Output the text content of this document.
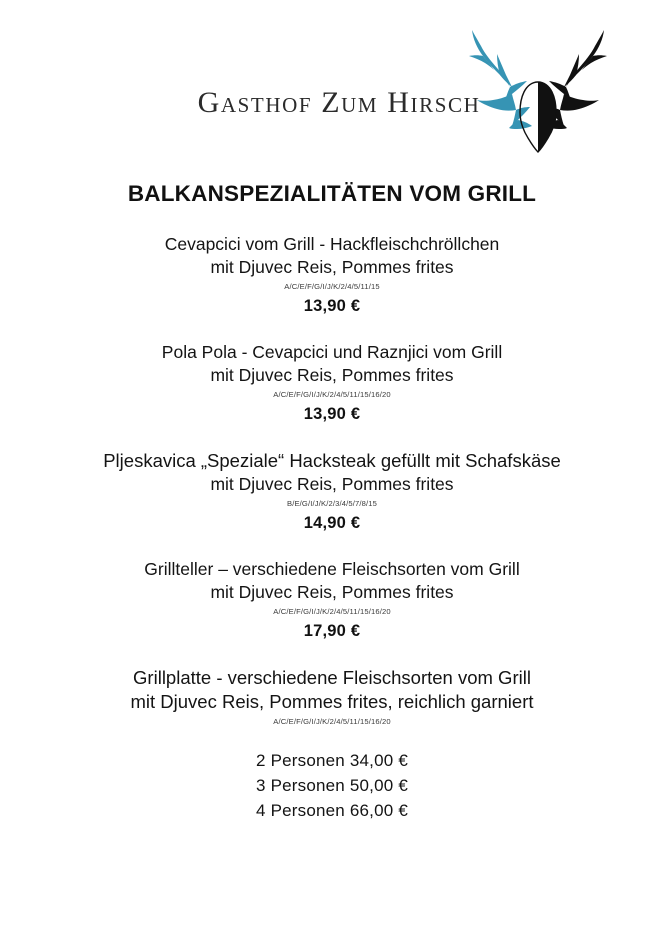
Gasthof Zum Hirsch
BALKANSPEZIALITÄTEN VOM GRILL
Cevapcici vom Grill - Hackfleischchröllchen
mit Djuvec Reis, Pommes frites
A/C/E/F/G/I/J/K/2/4/5/11/15
13,90 €
Pola Pola - Cevapcici und Raznjici vom Grill
mit Djuvec Reis, Pommes frites
A/C/E/F/G/I/J/K/2/4/5/11/15/16/20
13,90 €
Pljeskavica „Speziale“ Hacksteak gefüllt mit Schafskäse
mit Djuvec Reis, Pommes frites
B/E/G/I/J/K/2/3/4/5/7/8/15
14,90 €
Grillteller – verschiedene Fleischsorten vom Grill
mit Djuvec Reis, Pommes frites
A/C/E/F/G/I/J/K/2/4/5/11/15/16/20
17,90 €
Grillplatte - verschiedene Fleischsorten vom Grill
mit Djuvec Reis, Pommes frites, reichlich garniert
A/C/E/F/G/I/J/K/2/4/5/11/15/16/20
2 Personen 34,00 €
3 Personen 50,00 €
4 Personen 66,00 €
